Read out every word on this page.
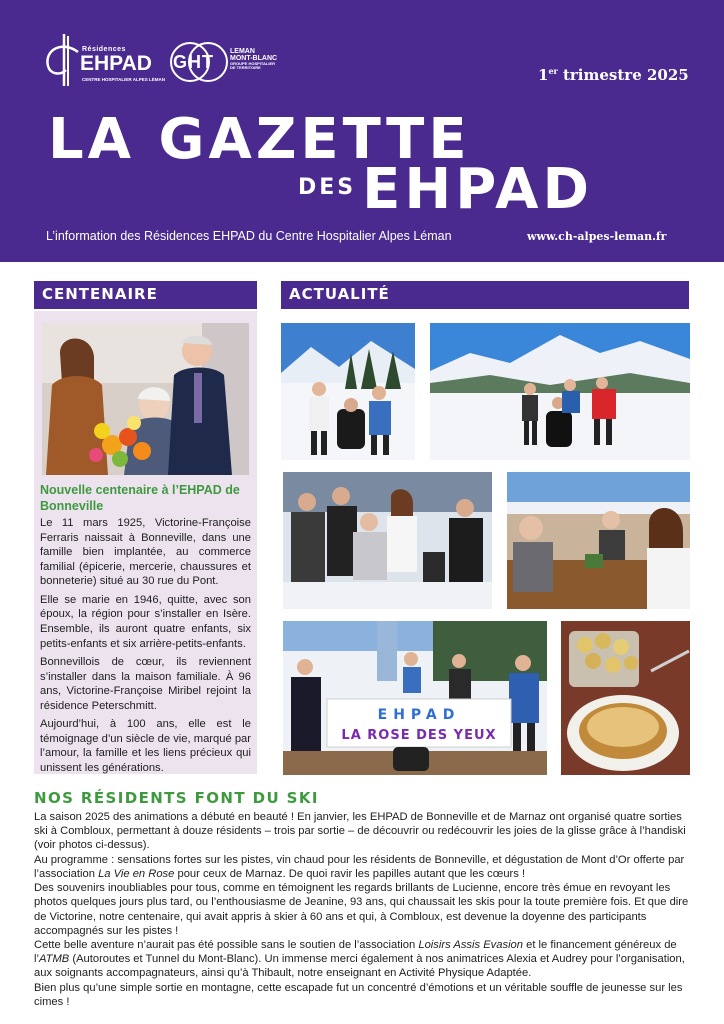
Résidences
EHPAD
CENTRE HOSPITALIER ALPES LÉMAN
GHT
LEMAN
MONT-BLANC
GROUPE HOSPITALIER
DE TERRITOIRE	1er trimestre 2025
LA GAZETTE
$^{DES}$ EHPAD
L’information des Résidences EHPAD du Centre Hospitalier Alpes Léman	www.ch-alpes-leman.fr
CENTENAIRE
Nouvelle centenaire à l’EHPAD de Bonneville

Le 11 mars 1925, Victorine-Françoise Ferraris naissait à Bonneville, dans une famille bien implantée, au commerce familial (épicerie, mercerie, chaussures et bonneterie) situé au 30 rue du Pont.

Elle se marie en 1946, quitte, avec son époux, la région pour s’installer en Isère. Ensemble, ils auront quatre enfants, six petits-enfants et six arrière-petits-enfants.

Bonnevillois de cœur, ils reviennent s’installer dans la maison familiale. À 96 ans, Victorine-Françoise Miribel rejoint la résidence Peterschmitt.

Aujourd’hui, à 100 ans, elle est le témoignage d’un siècle de vie, marqué par l’amour, la famille et les liens précieux qui unissent les générations.

ACTUALITÉ
EHPAD
LA ROSE DES YEUX
NOS RÉSIDENTS FONT DU SKI

La saison 2025 des animations a débuté en beauté ! En janvier, les EHPAD de Bonneville et de Marnaz ont organisé quatre sorties ski à Combloux, permettant à douze résidents – trois par sortie – de découvrir ou redécouvrir les joies de la glisse grâce à l’handiski (voir photos ci-dessus).

Au programme : sensations fortes sur les pistes, vin chaud pour les résidents de Bonneville, et dégustation de Mont d’Or offerte par l’association La Vie en Rose pour ceux de Marnaz. De quoi ravir les papilles autant que les cœurs !

Des souvenirs inoubliables pour tous, comme en témoignent les regards brillants de Lucienne, encore très émue en revoyant les photos quelques jours plus tard, ou l’enthousiasme de Jeanine, 93 ans, qui chaussait les skis pour la toute première fois. Et que dire de Victorine, notre centenaire, qui avait appris à skier à 60 ans et qui, à Combloux, est devenue la doyenne des participants accompagnés sur les pistes !

Cette belle aventure n’aurait pas été possible sans le soutien de l’association Loisirs Assis Evasion et le financement généreux de l’ATMB (Autoroutes et Tunnel du Mont-Blanc). Un immense merci également à nos animatrices Alexia et Audrey pour l’organisation, aux soignants accompagnateurs, ainsi qu’à Thibault, notre enseignant en Activité Physique Adaptée.

Bien plus qu’une simple sortie en montagne, cette escapade fut un concentré d’émotions et un véritable souffle de jeunesse sur les cimes !
